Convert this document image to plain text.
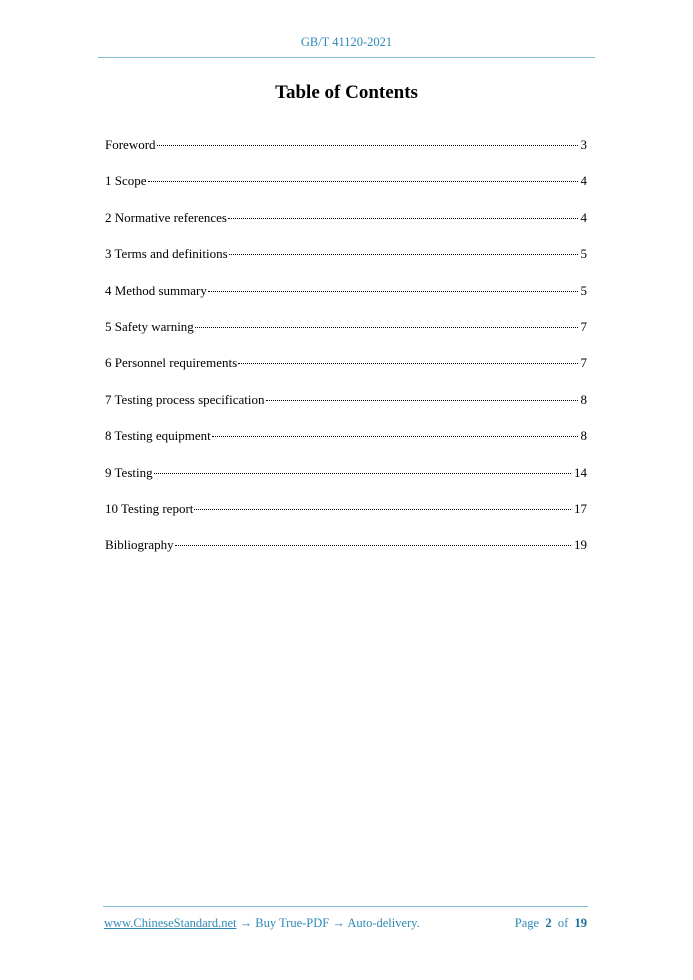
GB/T 41120-2021
Table of Contents
Foreword	3
1 Scope	4
2 Normative references	4
3 Terms and definitions	5
4 Method summary	5
5 Safety warning	7
6 Personnel requirements	7
7 Testing process specification	8
8 Testing equipment	8
9 Testing	14
10 Testing report	17
Bibliography	19
www.ChineseStandard.net → Buy True-PDF → Auto-delivery.	Page 2 of 19
